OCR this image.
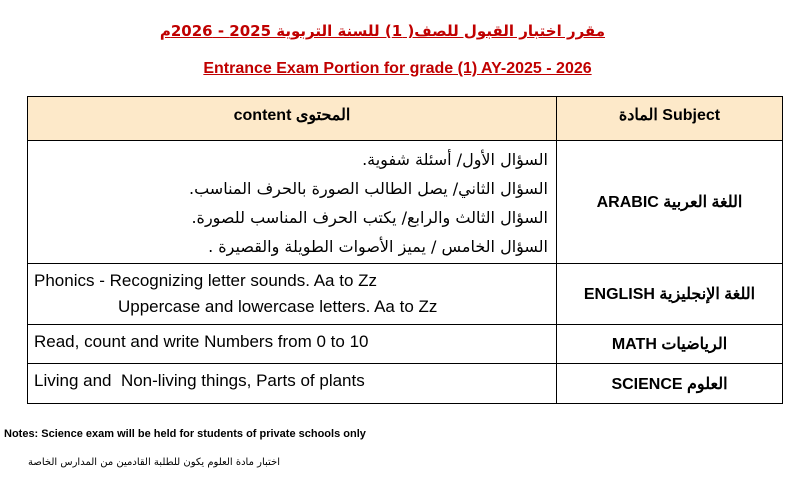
مقرر اختبار القبول للصف( 1) للسنة التربوية 2025 - 2026م
Entrance Exam Portion for grade (1) AY-2025 - 2026
content المحتوى	المادة Subject

السؤال الأول/ أسئلة شفوية.
السؤال الثاني/ يصل الطالب الصورة بالحرف المناسب.
السؤال الثالث والرابع/ يكتب الحرف المناسب للصورة.
السؤال الخامس / يميز الأصوات الطويلة والقصيرة .	اللغة العربية ARABIC

Phonics - Recognizing letter sounds. Aa to Zz
Uppercase and lowercase letters. Aa to Zz	اللغة الإنجليزية ENGLISH
Read, count and write Numbers from 0 to 10	الرياضيات MATH
Living and  Non-living things, Parts of plants	العلوم SCIENCE
Notes: Science exam will be held for students of private schools only
اختبار مادة العلوم يكون للطلبة القادمين من المدارس الخاصة
